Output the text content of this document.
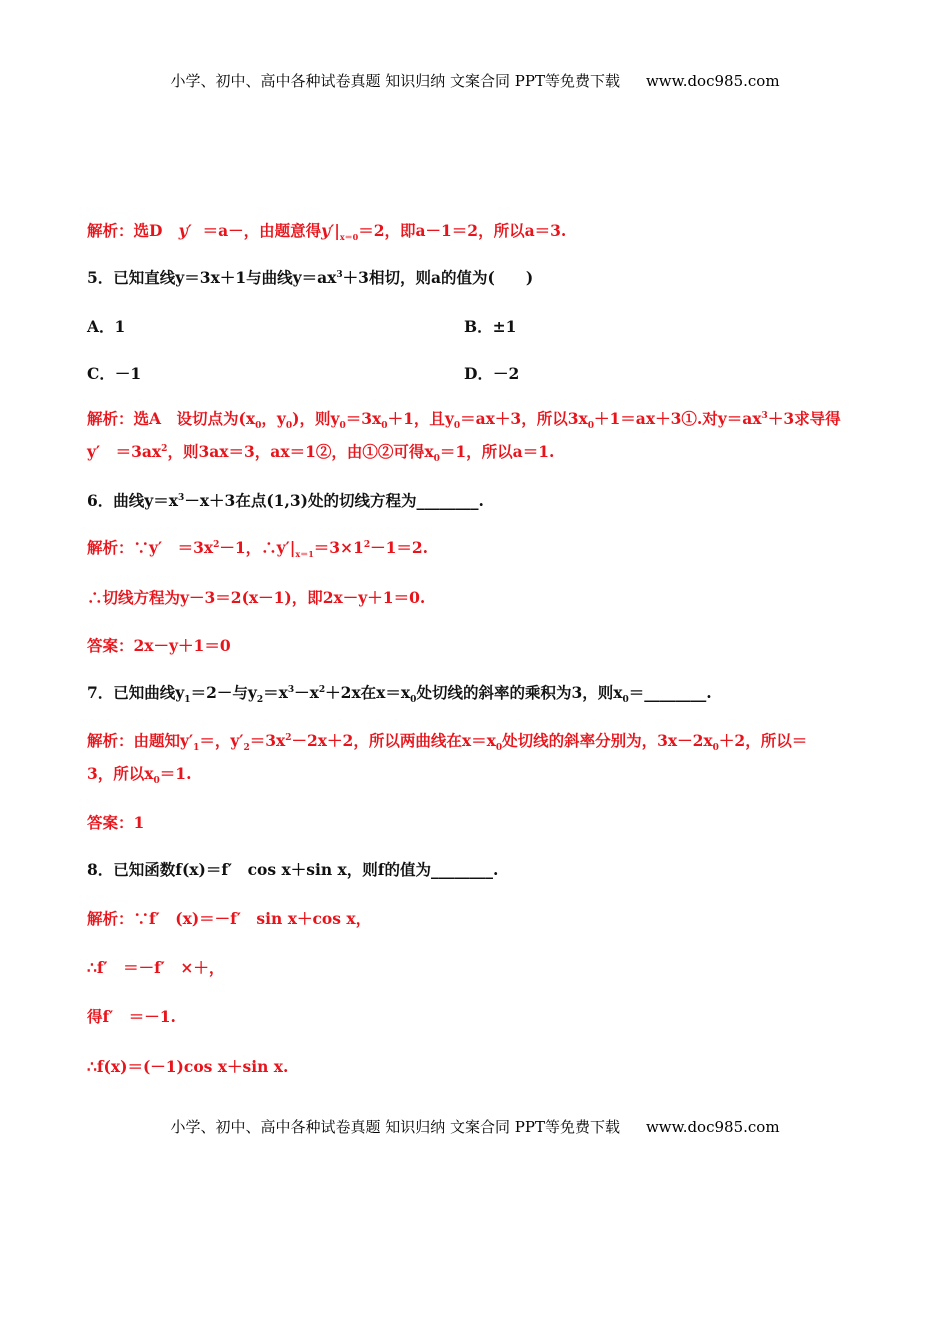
小学、初中、高中各种试卷真题 知识归纳 文案合同 PPT等免费下载 www.doc985.com
解析：选D y′ ＝a－，由题意得$y'|_{x=0}=2$，即a－1＝2，所以a＝3.
5．已知直线y＝3x＋1与曲线$y=ax^3+3$相切，则a的值为(　　)
A．1	B．±1
C．－1	D．－2
解析：选A　设切点为($x_0$，$y_0$)，则$y_0=3x_0+1$，且$y_0=ax+3$，所以$3x_0+1=ax+3①$.对$y=ax^3+3$求导得
y′　$=3ax^2$，则3ax＝3，ax＝1②，由①②可得$x_0=1$，所以a＝1.
6．曲线$y=x^3-x+3$在点(1,3)处的切线方程为________.
解析：∵y′　$=3x^2-1$，$\therefore y'|_{x=1}=3\times 1^2-1=2$.
∴切线方程为y－3＝2(x－1)，即2x－y＋1＝0.
答案：2x－y＋1＝0
7．已知曲线$y_1=2-$与$y_2=x^3-x^2+2x$在$x=x_0$处切线的斜率的乘积为3，则$x_0=\_\_\_\_\_\_\_\_$.
解析：由题知$y'_1=$，$y'_2=3x^2-2x+2$，所以两曲线在$x=x_0$处切线的斜率分别为，$3x-2x_0+2$，所以＝
3，所以$x_0=1$.
答案：1
8．已知函数f(x)＝f′　cos x＋sin x，则f的值为________.
解析：∵f′　(x)＝－f′　sin x＋cos x，
∴f′　＝－f′　×＋，
得f′　＝－1.
∴f(x)＝(－1)cos x＋sin x.
小学、初中、高中各种试卷真题 知识归纳 文案合同 PPT等免费下载 www.doc985.com
